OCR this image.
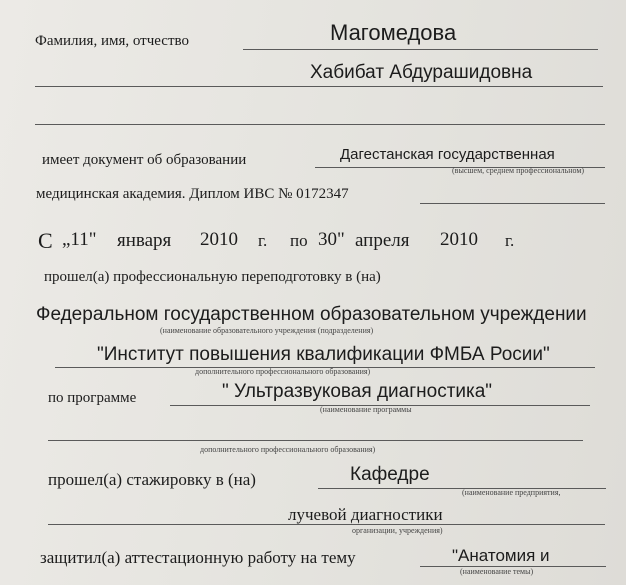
Фамилия, имя, отчество	Магомедова
Хабибат Абдурашидовна
имеет документ об образовании	Дагестанская государственная
(высшем, среднем профессиональном)
медицинская академия. Диплом ИВС № 0172347
С „11" января 2010 г. по 30" апреля 2010 г.
прошел(а) профессиональную переподготовку в (на)
Федеральном государственном образовательном учреждении
(наименование образовательного учреждения (подразделения)
"Институт повышения квалификации ФМБА Росии"
дополнительного профессионального образования)
по программе	" Ультразвуковая диагностика"
(наименование программы
дополнительного профессионального образования)
прошел(а) стажировку в (на)	Кафедре
(наименование предприятия,
лучевой диагностики
организации, учреждения)
защитил(а) аттестационную работу на тему	"Анатомия и
(наименование темы)
